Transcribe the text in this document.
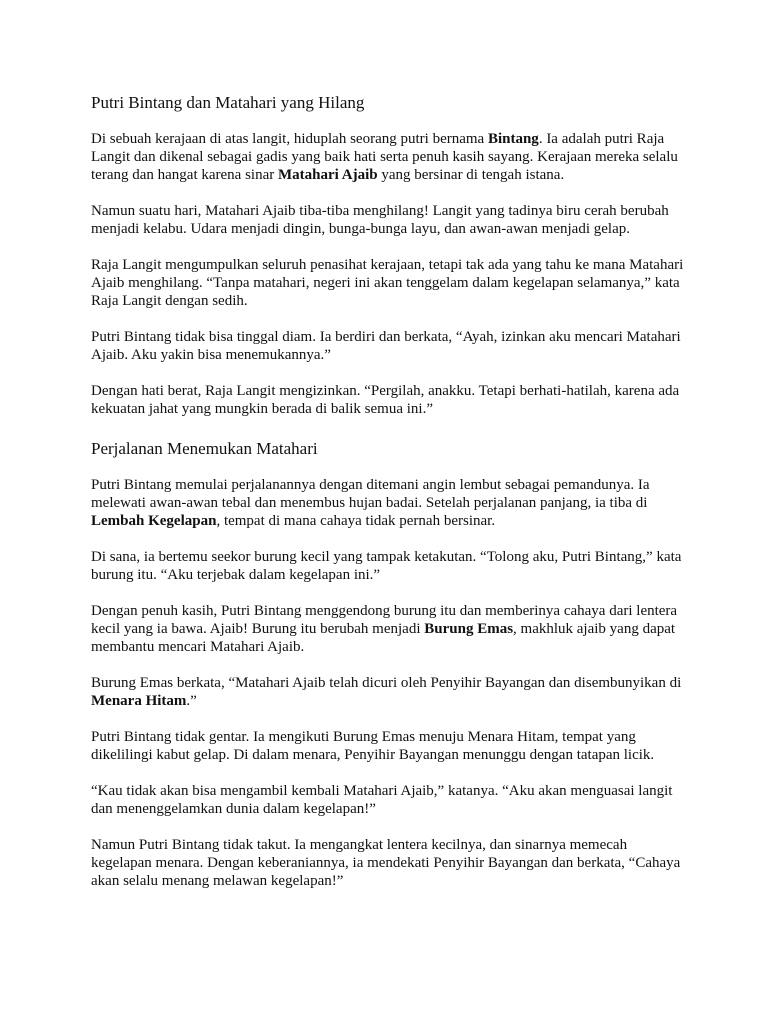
Putri Bintang dan Matahari yang Hilang

Di sebuah kerajaan di atas langit, hiduplah seorang putri bernama Bintang. Ia adalah putri Raja Langit dan dikenal sebagai gadis yang baik hati serta penuh kasih sayang. Kerajaan mereka selalu terang dan hangat karena sinar Matahari Ajaib yang bersinar di tengah istana.

Namun suatu hari, Matahari Ajaib tiba-tiba menghilang! Langit yang tadinya biru cerah berubah menjadi kelabu. Udara menjadi dingin, bunga-bunga layu, dan awan-awan menjadi gelap.

Raja Langit mengumpulkan seluruh penasihat kerajaan, tetapi tak ada yang tahu ke mana Matahari Ajaib menghilang. “Tanpa matahari, negeri ini akan tenggelam dalam kegelapan selamanya,” kata Raja Langit dengan sedih.

Putri Bintang tidak bisa tinggal diam. Ia berdiri dan berkata, “Ayah, izinkan aku mencari Matahari Ajaib. Aku yakin bisa menemukannya.”

Dengan hati berat, Raja Langit mengizinkan. “Pergilah, anakku. Tetapi berhati-hatilah, karena ada kekuatan jahat yang mungkin berada di balik semua ini.”

Perjalanan Menemukan Matahari

Putri Bintang memulai perjalanannya dengan ditemani angin lembut sebagai pemandunya. Ia melewati awan-awan tebal dan menembus hujan badai. Setelah perjalanan panjang, ia tiba di Lembah Kegelapan, tempat di mana cahaya tidak pernah bersinar.

Di sana, ia bertemu seekor burung kecil yang tampak ketakutan. “Tolong aku, Putri Bintang,” kata burung itu. “Aku terjebak dalam kegelapan ini.”

Dengan penuh kasih, Putri Bintang menggendong burung itu dan memberinya cahaya dari lentera kecil yang ia bawa. Ajaib! Burung itu berubah menjadi Burung Emas, makhluk ajaib yang dapat membantu mencari Matahari Ajaib.

Burung Emas berkata, “Matahari Ajaib telah dicuri oleh Penyihir Bayangan dan disembunyikan di Menara Hitam.”

Putri Bintang tidak gentar. Ia mengikuti Burung Emas menuju Menara Hitam, tempat yang dikelilingi kabut gelap. Di dalam menara, Penyihir Bayangan menunggu dengan tatapan licik.

“Kau tidak akan bisa mengambil kembali Matahari Ajaib,” katanya. “Aku akan menguasai langit dan menenggelamkan dunia dalam kegelapan!”

Namun Putri Bintang tidak takut. Ia mengangkat lentera kecilnya, dan sinarnya memecah kegelapan menara. Dengan keberaniannya, ia mendekati Penyihir Bayangan dan berkata, “Cahaya akan selalu menang melawan kegelapan!”
